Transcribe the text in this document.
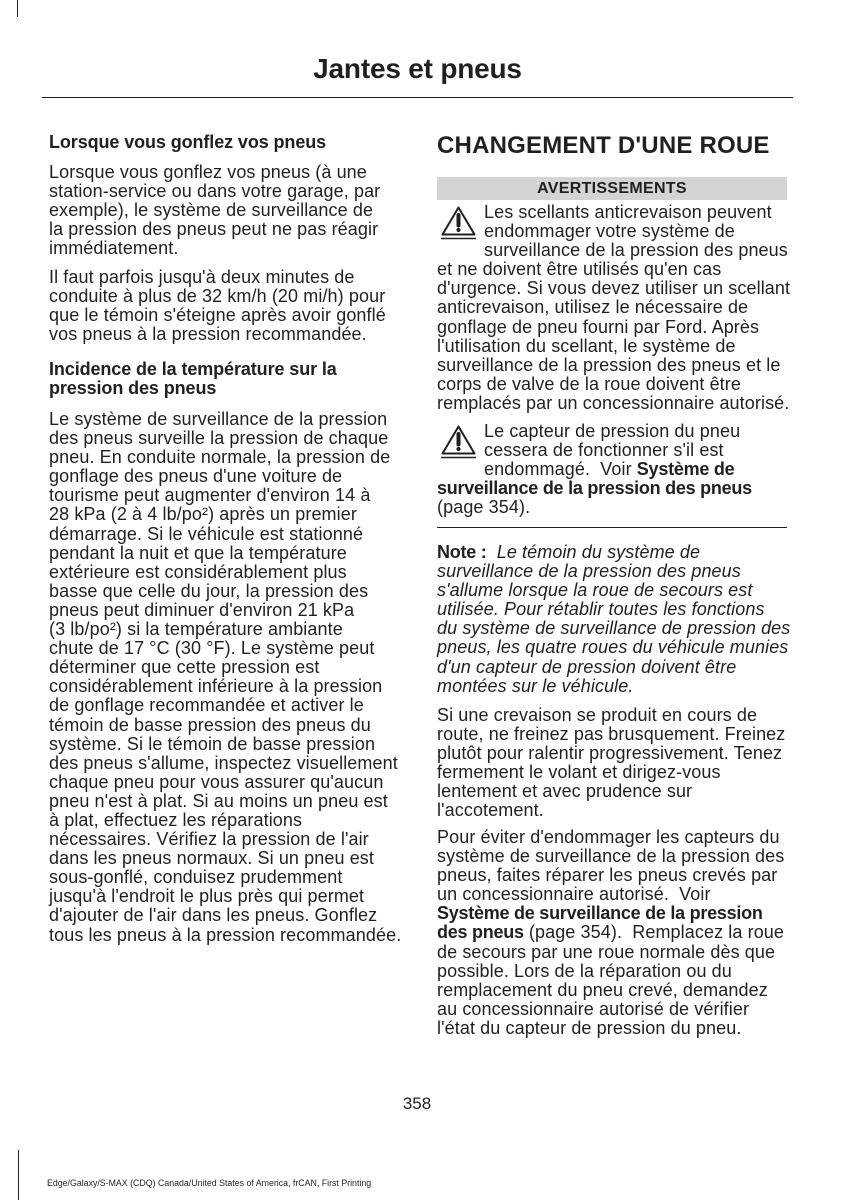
Jantes et pneus
Lorsque vous gonflez vos pneus
Lorsque vous gonflez vos pneus (à une
station-service ou dans votre garage, par
exemple), le système de surveillance de
la pression des pneus peut ne pas réagir
immédiatement.
Il faut parfois jusqu'à deux minutes de
conduite à plus de 32 km/h (20 mi/h) pour
que le témoin s'éteigne après avoir gonflé
vos pneus à la pression recommandée.
Incidence de la température sur la
pression des pneus
Le système de surveillance de la pression
des pneus surveille la pression de chaque
pneu. En conduite normale, la pression de
gonflage des pneus d'une voiture de
tourisme peut augmenter d'environ 14 à
28 kPa (2 à 4 lb/po²) après un premier
démarrage. Si le véhicule est stationné
pendant la nuit et que la température
extérieure est considérablement plus
basse que celle du jour, la pression des
pneus peut diminuer d'environ 21 kPa
(3 lb/po²) si la température ambiante
chute de 17 °C (30 °F). Le système peut
déterminer que cette pression est
considérablement inférieure à la pression
de gonflage recommandée et activer le
témoin de basse pression des pneus du
système. Si le témoin de basse pression
des pneus s'allume, inspectez visuellement
chaque pneu pour vous assurer qu'aucun
pneu n'est à plat. Si au moins un pneu est
à plat, effectuez les réparations
nécessaires. Vérifiez la pression de l'air
dans les pneus normaux. Si un pneu est
sous-gonflé, conduisez prudemment
jusqu'à l'endroit le plus près qui permet
d'ajouter de l'air dans les pneus. Gonflez
tous les pneus à la pression recommandée.
CHANGEMENT D'UNE ROUE
AVERTISSEMENTS
Les scellants anticrevaison peuvent
endommager votre système de
surveillance de la pression des pneus
et ne doivent être utilisés qu'en cas
d'urgence. Si vous devez utiliser un scellant
anticrevaison, utilisez le nécessaire de
gonflage de pneu fourni par Ford. Après
l'utilisation du scellant, le système de
surveillance de la pression des pneus et le
corps de valve de la roue doivent être
remplacés par un concessionnaire autorisé.
Le capteur de pression du pneu
cessera de fonctionner s'il est
endommagé.  Voir Système de
surveillance de la pression des pneus
(page 354).
Note :  Le témoin du système de
surveillance de la pression des pneus
s'allume lorsque la roue de secours est
utilisée. Pour rétablir toutes les fonctions
du système de surveillance de pression des
pneus, les quatre roues du véhicule munies
d'un capteur de pression doivent être
montées sur le véhicule.
Si une crevaison se produit en cours de
route, ne freinez pas brusquement. Freinez
plutôt pour ralentir progressivement. Tenez
fermement le volant et dirigez-vous
lentement et avec prudence sur
l'accotement.
Pour éviter d'endommager les capteurs du
système de surveillance de la pression des
pneus, faites réparer les pneus crevés par
un concessionnaire autorisé.  Voir
Système de surveillance de la pression
des pneus (page 354).  Remplacez la roue
de secours par une roue normale dès que
possible. Lors de la réparation ou du
remplacement du pneu crevé, demandez
au concessionnaire autorisé de vérifier
l'état du capteur de pression du pneu.
358
Edge/Galaxy/S-MAX (CDQ) Canada/United States of America, frCAN, First Printing
